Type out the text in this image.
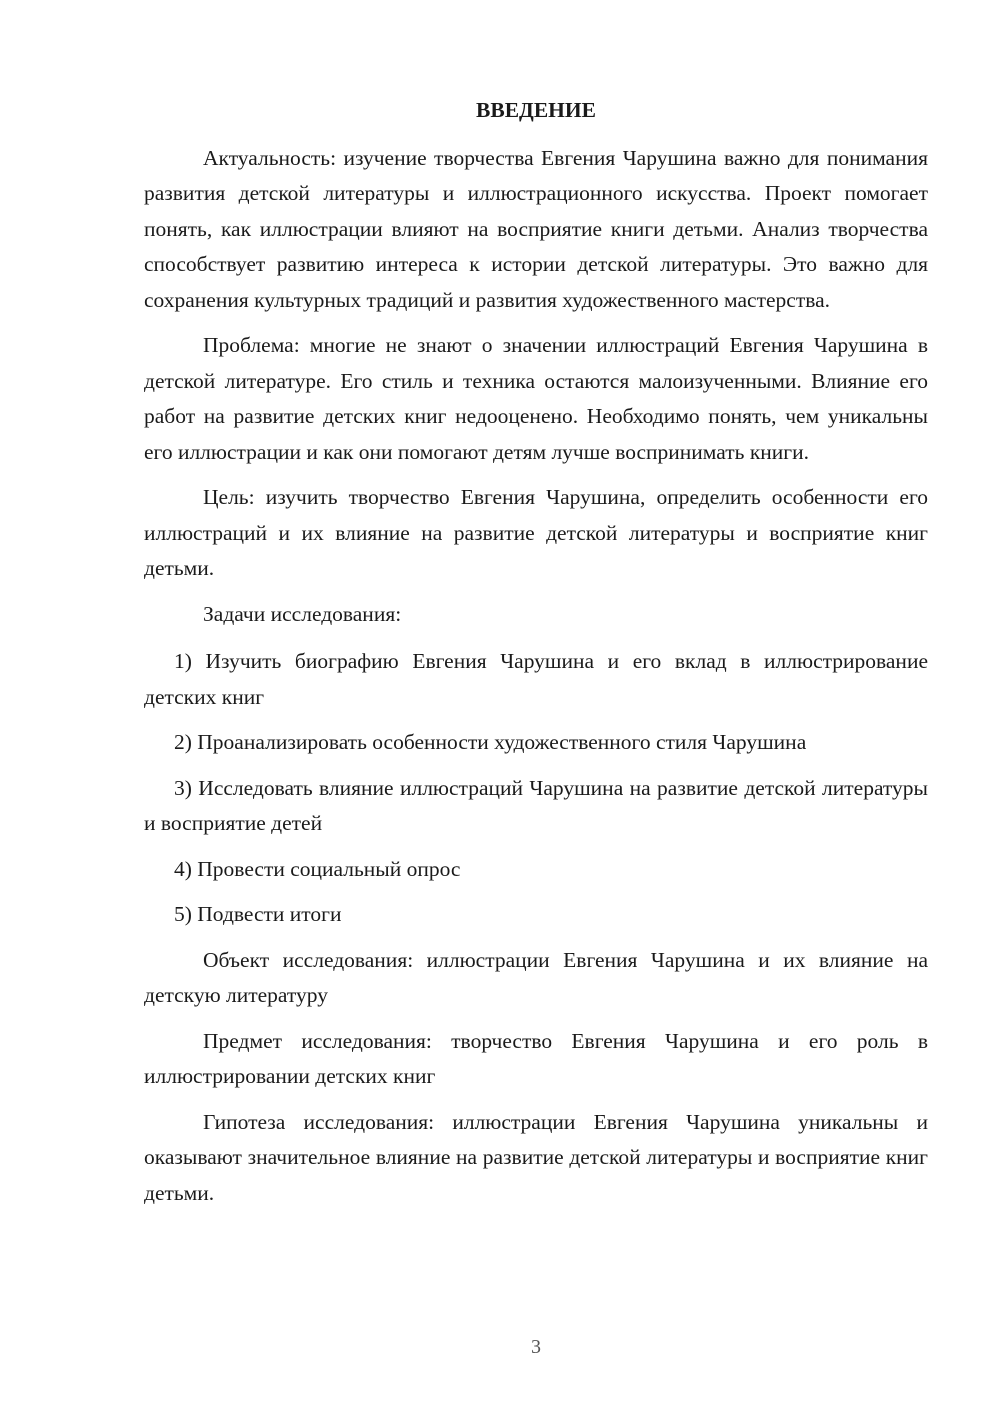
ВВЕДЕНИЕ

Актуальность: изучение творчества Евгения Чарушина важно для понимания развития детской литературы и иллюстрационного искусства. Проект помогает понять, как иллюстрации влияют на восприятие книги детьми. Анализ творчества способствует развитию интереса к истории детской литературы. Это важно для сохранения культурных традиций и развития художественного мастерства.

Проблема: многие не знают о значении иллюстраций Евгения Чарушина в детской литературе. Его стиль и техника остаются малоизученными. Влияние его работ на развитие детских книг недооценено. Необходимо понять, чем уникальны его иллюстрации и как они помогают детям лучше воспринимать книги.

Цель: изучить творчество Евгения Чарушина, определить особенности его иллюстраций и их влияние на развитие детской литературы и восприятие книг детьми.

Задачи исследования:

1) Изучить биографию Евгения Чарушина и его вклад в иллюстрирование детских книг

2) Проанализировать особенности художественного стиля Чарушина

3) Исследовать влияние иллюстраций Чарушина на развитие детской литературы и восприятие детей

4) Провести социальный опрос

5) Подвести итоги

Объект исследования: иллюстрации Евгения Чарушина и их влияние на детскую литературу

Предмет исследования: творчество Евгения Чарушина и его роль в иллюстрировании детских книг

Гипотеза исследования: иллюстрации Евгения Чарушина уникальны и оказывают значительное влияние на развитие детской литературы и восприятие книг детьми.

3
